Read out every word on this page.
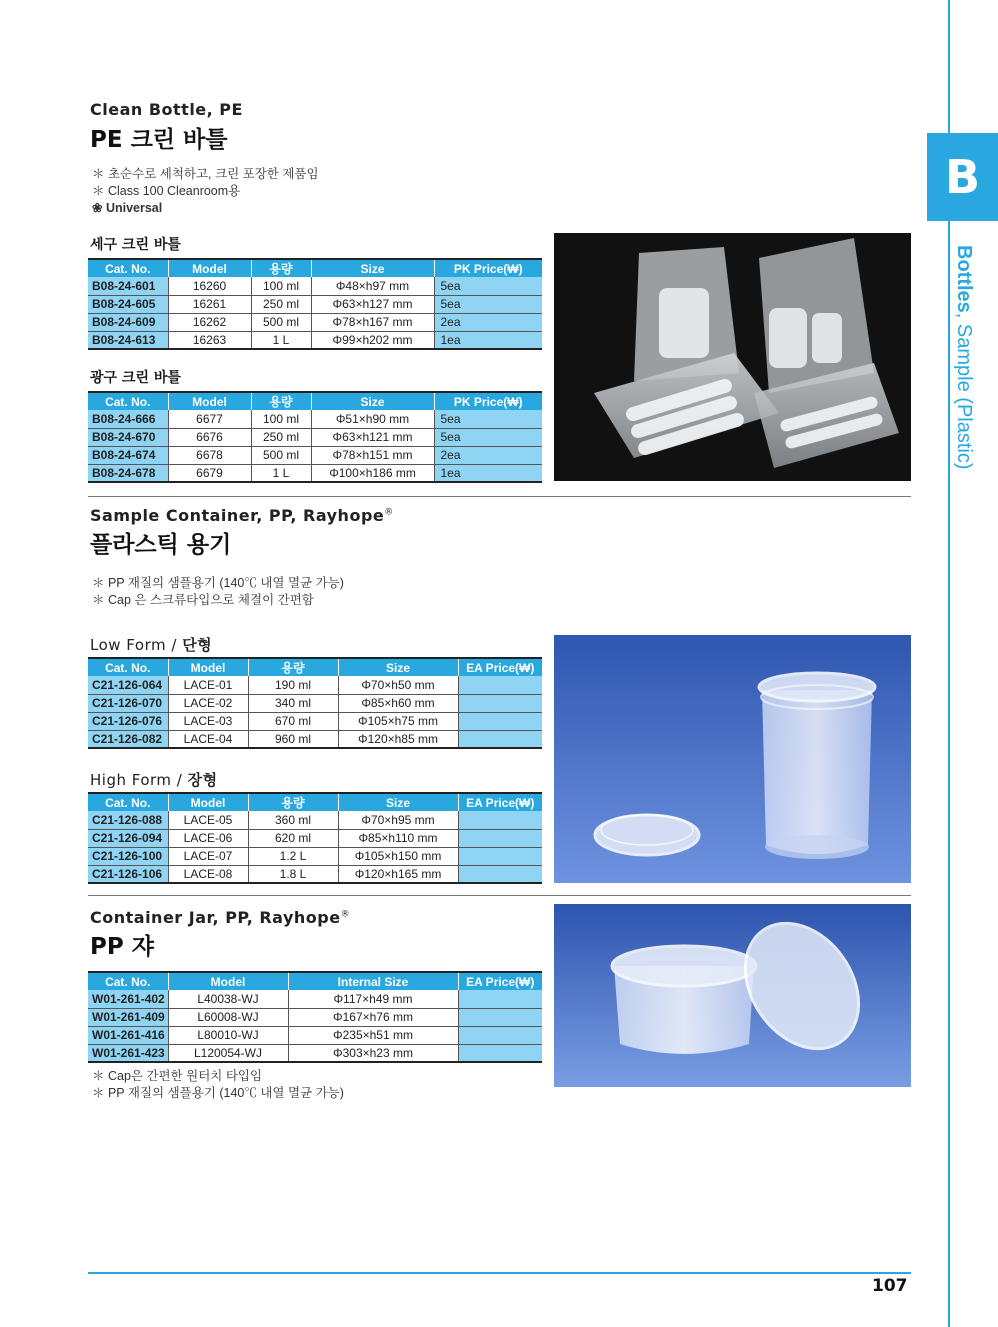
B
Bottles, Sample (Plastic)
Clean Bottle, PE
PE 크린 바틀
＊ 초순수로 세척하고, 크린 포장한 제품임
＊ Class 100 Cleanroom용
❀ Universal
세구 크린 바틀
Cat. No.	Model	용량	Size	PK Price(₩)
B08-24-601	16260	100 ml	Φ48×h97 mm	5ea
B08-24-605	16261	250 ml	Φ63×h127 mm	5ea
B08-24-609	16262	500 ml	Φ78×h167 mm	2ea
B08-24-613	16263	1 L	Φ99×h202 mm	1ea
광구 크린 바틀
Cat. No.	Model	용량	Size	PK Price(₩)
B08-24-666	6677	100 ml	Φ51×h90 mm	5ea
B08-24-670	6676	250 ml	Φ63×h121 mm	5ea
B08-24-674	6678	500 ml	Φ78×h151 mm	2ea
B08-24-678	6679	1 L	Φ100×h186 mm	1ea
Sample Container, PP, Rayhope®
플라스틱 용기
＊ PP 재질의 샘플용기 (140℃ 내열 멸균 가능)
＊ Cap 은 스크류타입으로 체결이 간편함
Low Form / 단형
Cat. No.	Model	용량	Size	EA Price(₩)
C21-126-064	LACE-01	190 ml	Φ70×h50 mm	
C21-126-070	LACE-02	340 ml	Φ85×h60 mm	
C21-126-076	LACE-03	670 ml	Φ105×h75 mm	
C21-126-082	LACE-04	960 ml	Φ120×h85 mm	
High Form / 장형
Cat. No.	Model	용량	Size	EA Price(₩)
C21-126-088	LACE-05	360 ml	Φ70×h95 mm	
C21-126-094	LACE-06	620 ml	Φ85×h110 mm	
C21-126-100	LACE-07	1.2 L	Φ105×h150 mm	
C21-126-106	LACE-08	1.8 L	Φ120×h165 mm	
Container Jar, PP, Rayhope®
PP 쟈
Cat. No.	Model	Internal Size	EA Price(₩)
W01-261-402	L40038-WJ	Φ117×h49 mm	
W01-261-409	L60008-WJ	Φ167×h76 mm	
W01-261-416	L80010-WJ	Φ235×h51 mm	
W01-261-423	L120054-WJ	Φ303×h23 mm	
＊ Cap은 간편한 원터치 타입임
＊ PP 재질의 샘플용기 (140℃ 내열 멸균 가능)
107
